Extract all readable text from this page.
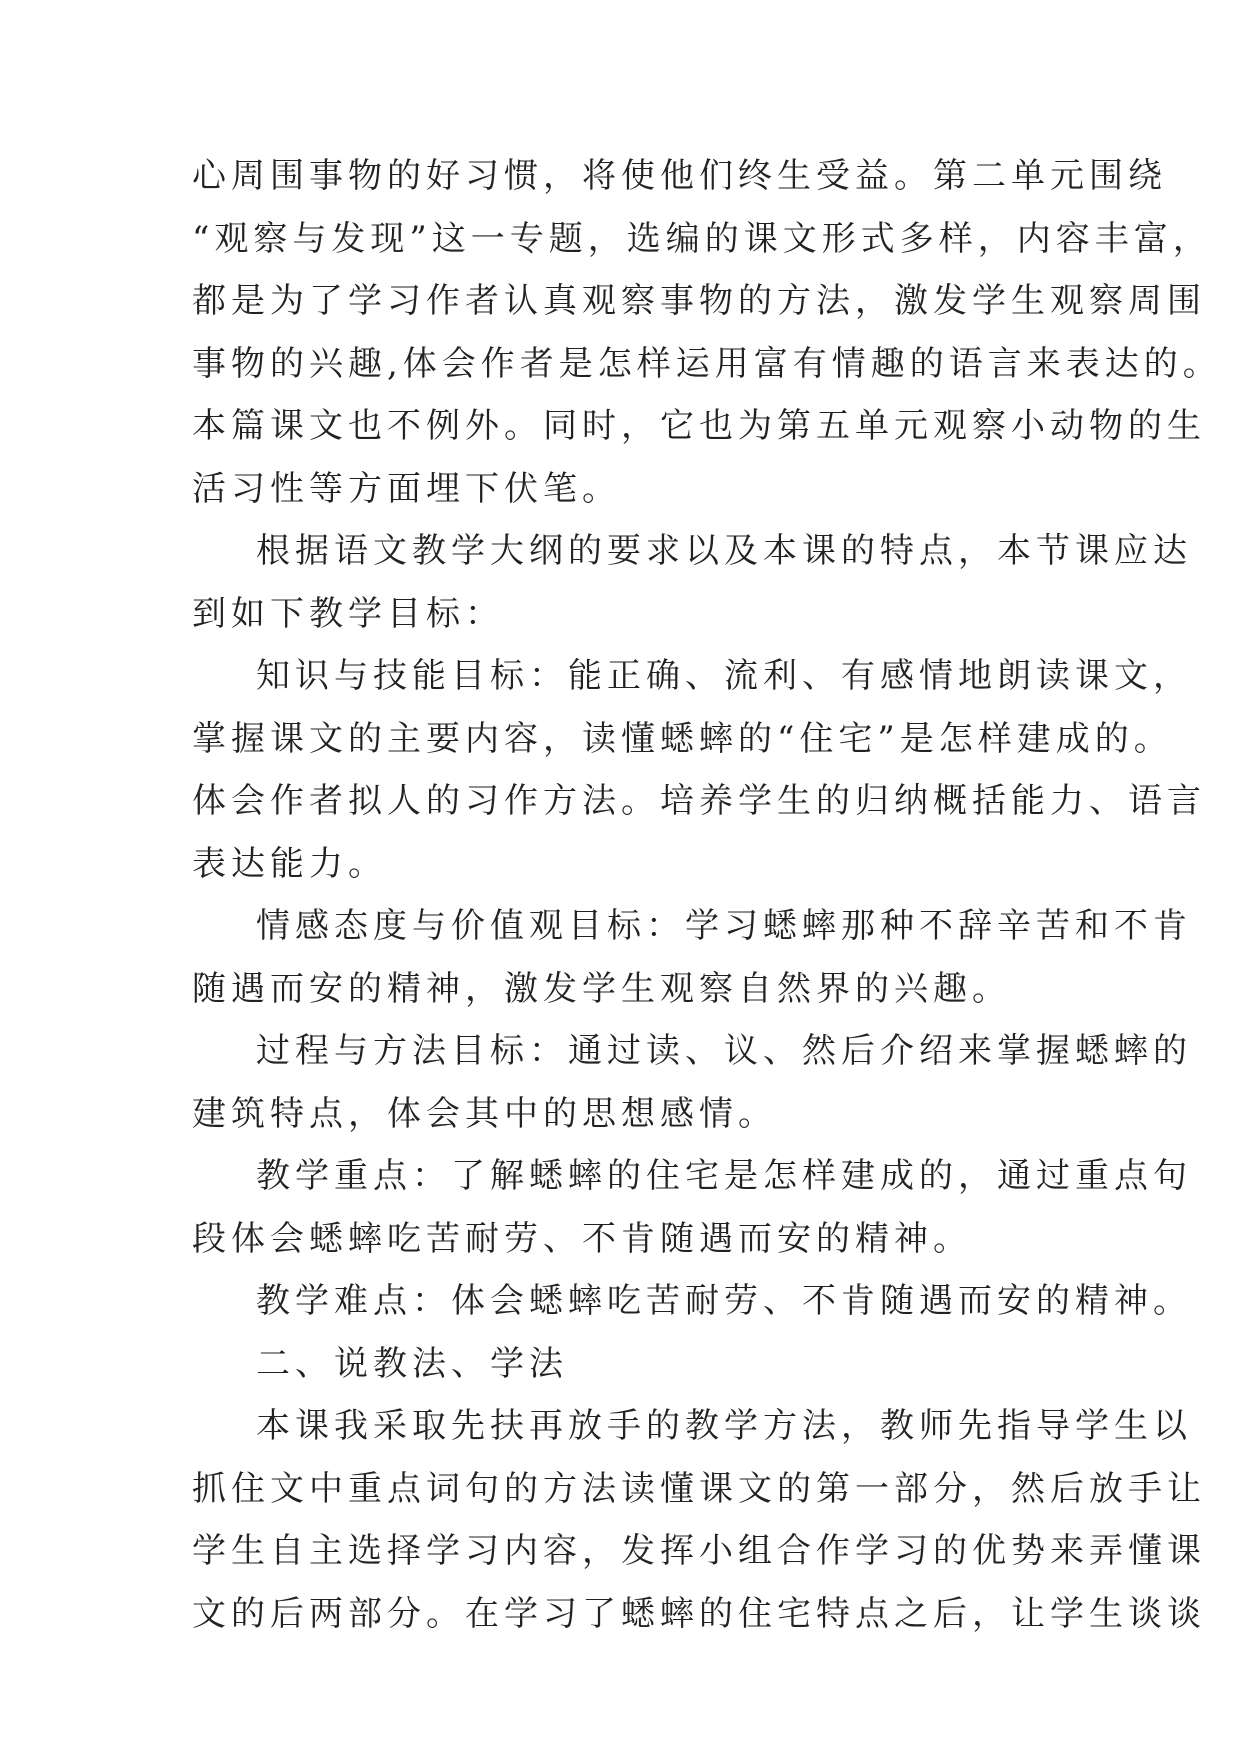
心周围事物的好习惯，将使他们终生受益。第二单元围绕
“观察与发现”这一专题，选编的课文形式多样，内容丰富，
都是为了学习作者认真观察事物的方法，激发学生观察周围
事物的兴趣,体会作者是怎样运用富有情趣的语言来表达的。
本篇课文也不例外。同时，它也为第五单元观察小动物的生
活习性等方面埋下伏笔。
根据语文教学大纲的要求以及本课的特点，本节课应达
到如下教学目标：
知识与技能目标：能正确、流利、有感情地朗读课文，
掌握课文的主要内容，读懂蟋蟀的“住宅”是怎样建成的。
体会作者拟人的习作方法。培养学生的归纳概括能力、语言
表达能力。
情感态度与价值观目标：学习蟋蟀那种不辞辛苦和不肯
随遇而安的精神，激发学生观察自然界的兴趣。
过程与方法目标：通过读、议、然后介绍来掌握蟋蟀的
建筑特点，体会其中的思想感情。
教学重点：了解蟋蟀的住宅是怎样建成的，通过重点句
段体会蟋蟀吃苦耐劳、不肯随遇而安的精神。
教学难点：体会蟋蟀吃苦耐劳、不肯随遇而安的精神。
二、说教法、学法
本课我采取先扶再放手的教学方法，教师先指导学生以
抓住文中重点词句的方法读懂课文的第一部分，然后放手让
学生自主选择学习内容，发挥小组合作学习的优势来弄懂课
文的后两部分。在学习了蟋蟀的住宅特点之后，让学生谈谈
